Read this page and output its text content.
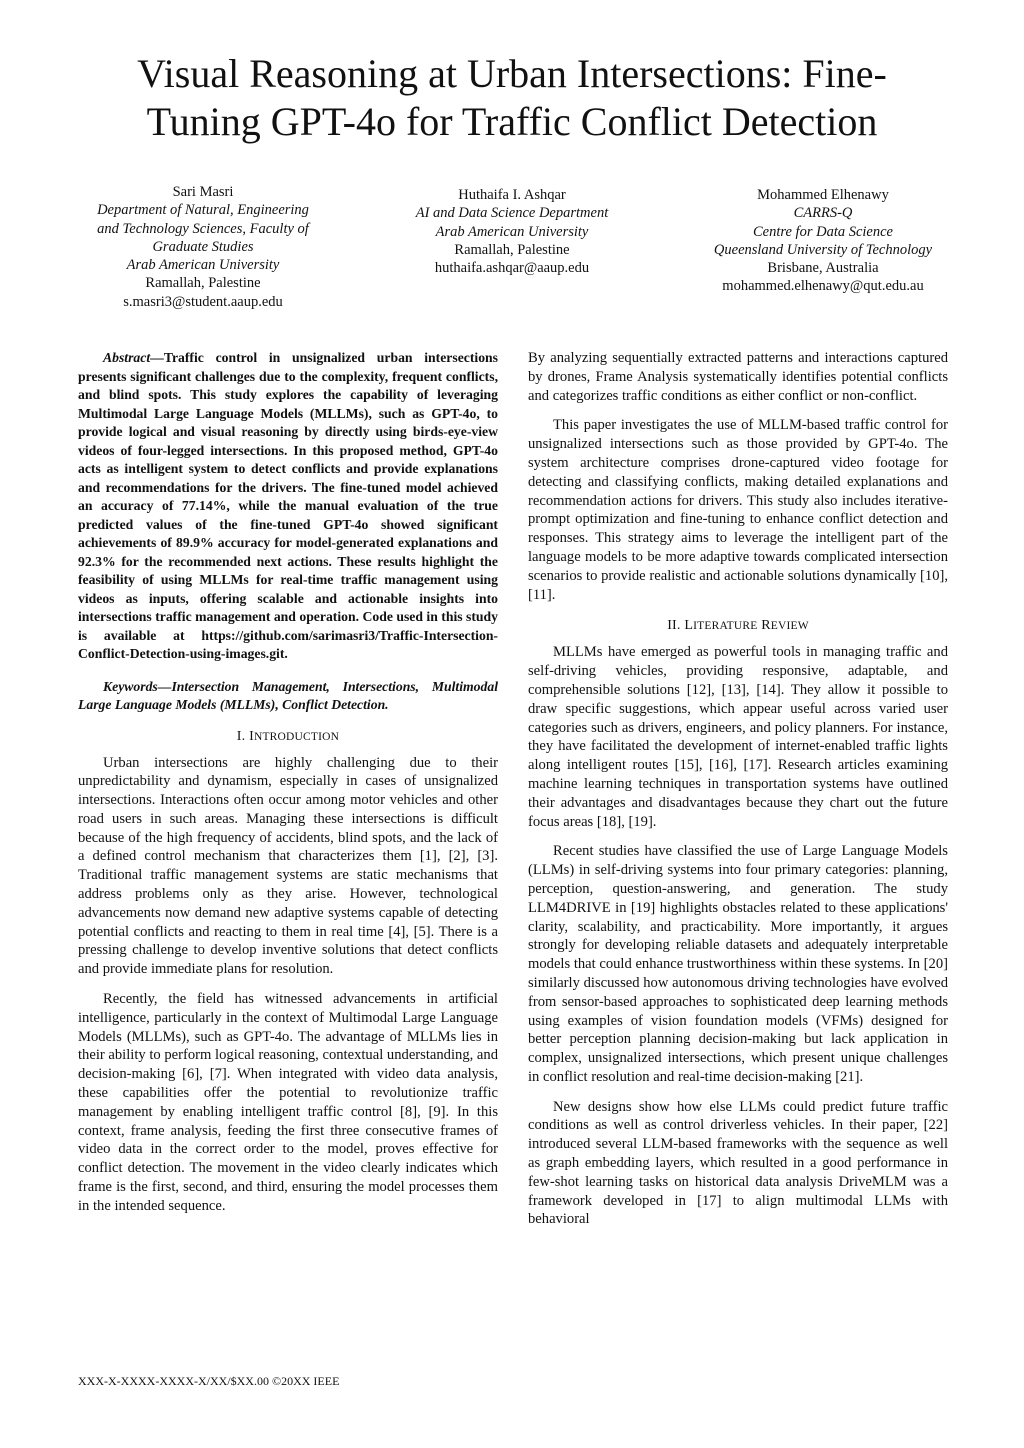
Visual Reasoning at Urban Intersections: Fine-
Tuning GPT-4o for Traffic Conflict Detection
Sari Masri
Department of Natural, Engineering
and Technology Sciences, Faculty of
Graduate Studies
Arab American University
Ramallah, Palestine
s.masri3@student.aaup.edu
Huthaifa I. Ashqar
AI and Data Science Department
Arab American University
Ramallah, Palestine
huthaifa.ashqar@aaup.edu
Mohammed Elhenawy
CARRS-Q
Centre for Data Science
Queensland University of Technology
Brisbane, Australia
mohammed.elhenawy@qut.edu.au

Abstract—Traffic control in unsignalized urban intersections presents significant challenges due to the complexity, frequent conflicts, and blind spots. This study explores the capability of leveraging Multimodal Large Language Models (MLLMs), such as GPT-4o, to provide logical and visual reasoning by directly using birds-eye-view videos of four-legged intersections. In this proposed method, GPT-4o acts as intelligent system to detect conflicts and provide explanations and recommendations for the drivers. The fine-tuned model achieved an accuracy of 77.14%, while the manual evaluation of the true predicted values of the fine-tuned GPT-4o showed significant achievements of 89.9% accuracy for model-generated explanations and 92.3% for the recommended next actions. These results highlight the feasibility of using MLLMs for real-time traffic management using videos as inputs, offering scalable and actionable insights into intersections traffic management and operation. Code used in this study is available at https://github.com/sarimasri3/Traffic-Intersection-Conflict-Detection-using-images.git.

Keywords—Intersection Management, Intersections, Multimodal Large Language Models (MLLMs), Conflict Detection.

I. INTRODUCTION

Urban intersections are highly challenging due to their unpredictability and dynamism, especially in cases of unsignalized intersections. Interactions often occur among motor vehicles and other road users in such areas. Managing these intersections is difficult because of the high frequency of accidents, blind spots, and the lack of a defined control mechanism that characterizes them [1], [2], [3]. Traditional traffic management systems are static mechanisms that address problems only as they arise. However, technological advancements now demand new adaptive systems capable of detecting potential conflicts and reacting to them in real time [4], [5]. There is a pressing challenge to develop inventive solutions that detect conflicts and provide immediate plans for resolution.

Recently, the field has witnessed advancements in artificial intelligence, particularly in the context of Multimodal Large Language Models (MLLMs), such as GPT-4o. The advantage of MLLMs lies in their ability to perform logical reasoning, contextual understanding, and decision-making [6], [7]. When integrated with video data analysis, these capabilities offer the potential to revolutionize traffic management by enabling intelligent traffic control [8], [9]. In this context, frame analysis, feeding the first three consecutive frames of video data in the correct order to the model, proves effective for conflict detection. The movement in the video clearly indicates which frame is the first, second, and third, ensuring the model processes them in the intended sequence.

By analyzing sequentially extracted patterns and interactions captured by drones, Frame Analysis systematically identifies potential conflicts and categorizes traffic conditions as either conflict or non-conflict.

This paper investigates the use of MLLM-based traffic control for unsignalized intersections such as those provided by GPT-4o. The system architecture comprises drone-captured video footage for detecting and classifying conflicts, making detailed explanations and recommendation actions for drivers. This study also includes iterative-prompt optimization and fine-tuning to enhance conflict detection and responses. This strategy aims to leverage the intelligent part of the language models to be more adaptive towards complicated intersection scenarios to provide realistic and actionable solutions dynamically [10], [11].

II. LITERATURE REVIEW

MLLMs have emerged as powerful tools in managing traffic and self-driving vehicles, providing responsive, adaptable, and comprehensible solutions [12], [13], [14]. They allow it possible to draw specific suggestions, which appear useful across varied user categories such as drivers, engineers, and policy planners. For instance, they have facilitated the development of internet-enabled traffic lights along intelligent routes [15], [16], [17]. Research articles examining machine learning techniques in transportation systems have outlined their advantages and disadvantages because they chart out the future focus areas [18], [19].

Recent studies have classified the use of Large Language Models (LLMs) in self-driving systems into four primary categories: planning, perception, question-answering, and generation. The study LLM4DRIVE in [19] highlights obstacles related to these applications' clarity, scalability, and practicability. More importantly, it argues strongly for developing reliable datasets and adequately interpretable models that could enhance trustworthiness within these systems. In [20] similarly discussed how autonomous driving technologies have evolved from sensor-based approaches to sophisticated deep learning methods using examples of vision foundation models (VFMs) designed for better perception planning decision-making but lack application in complex, unsignalized intersections, which present unique challenges in conflict resolution and real-time decision-making [21].

New designs show how else LLMs could predict future traffic conditions as well as control driverless vehicles. In their paper, [22] introduced several LLM-based frameworks with the sequence as well as graph embedding layers, which resulted in a good performance in few-shot learning tasks on historical data analysis DriveMLM was a framework developed in [17] to align multimodal LLMs with behavioral

XXX-X-XXXX-XXXX-X/XX/$XX.00 ©20XX IEEE
